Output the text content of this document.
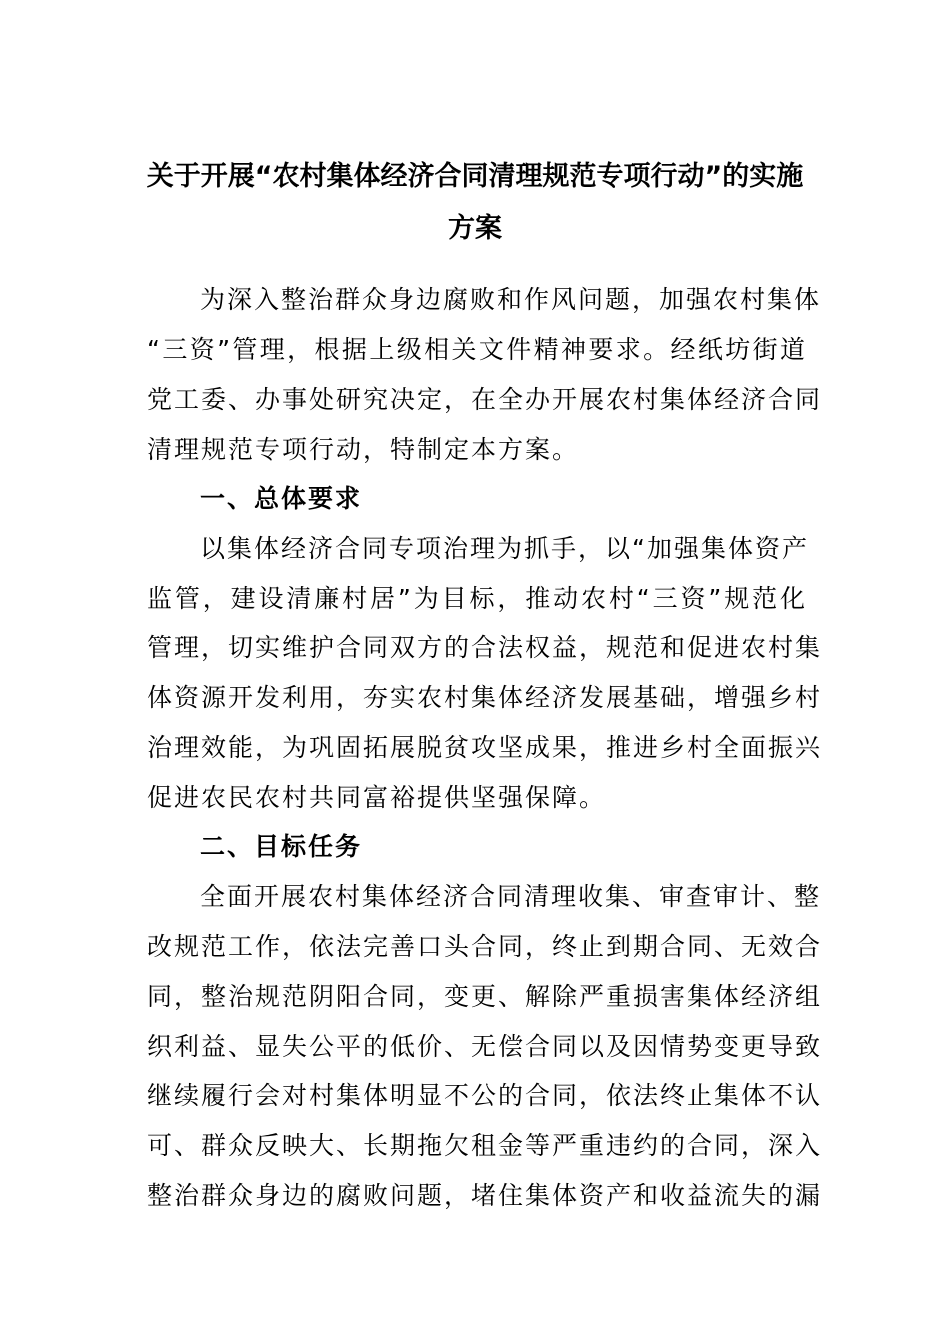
关于开展“农村集体经济合同清理规范专项行动”的实施
方案
为深入整治群众身边腐败和作风问题，加强农村集体
“三资”管理，根据上级相关文件精神要求。经纸坊街道
党工委、办事处研究决定，在全办开展农村集体经济合同
清理规范专项行动，特制定本方案。
一、总体要求
以集体经济合同专项治理为抓手，以“加强集体资产
监管，建设清廉村居”为目标，推动农村“三资”规范化
管理，切实维护合同双方的合法权益，规范和促进农村集
体资源开发利用，夯实农村集体经济发展基础，增强乡村
治理效能，为巩固拓展脱贫攻坚成果，推进乡村全面振兴
促进农民农村共同富裕提供坚强保障。
二、目标任务
全面开展农村集体经济合同清理收集、审查审计、整
改规范工作，依法完善口头合同，终止到期合同、无效合
同，整治规范阴阳合同，变更、解除严重损害集体经济组
织利益、显失公平的低价、无偿合同以及因情势变更导致
继续履行会对村集体明显不公的合同，依法终止集体不认
可、群众反映大、长期拖欠租金等严重违约的合同，深入
整治群众身边的腐败问题，堵住集体资产和收益流失的漏
